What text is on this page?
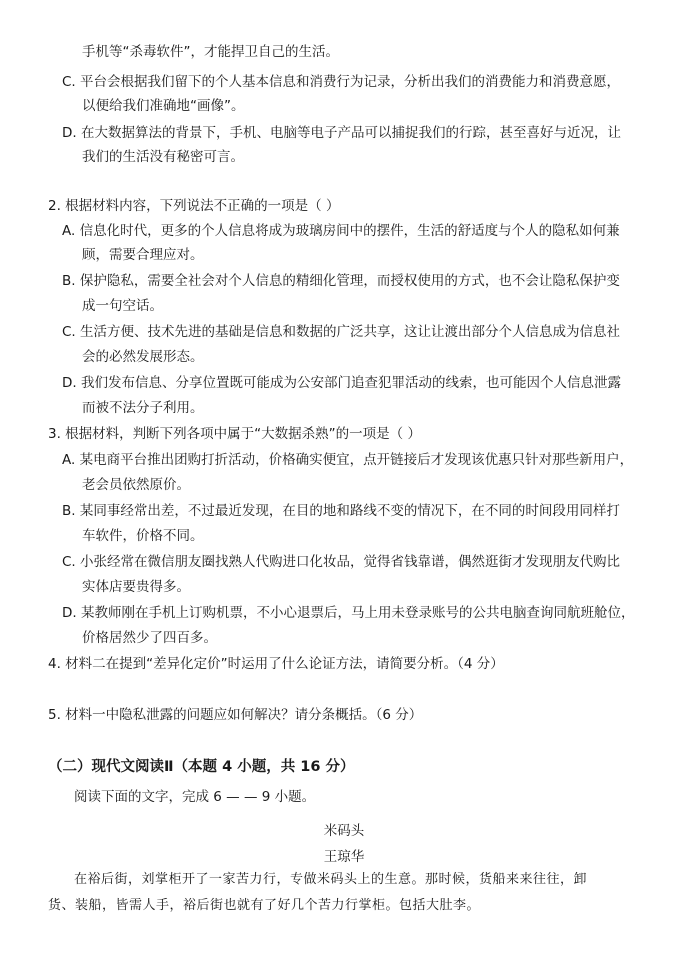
手机等“杀毒软件”，才能捍卫自己的生活。
C. 平台会根据我们留下的个人基本信息和消费行为记录，分析出我们的消费能力和消费意愿，
以便给我们准确地“画像”。
D. 在大数据算法的背景下，手机、电脑等电子产品可以捕捉我们的行踪，甚至喜好与近况，让
我们的生活没有秘密可言。
2. 根据材料内容，下列说法不正确的一项是（ ）
A. 信息化时代，更多的个人信息将成为玻璃房间中的摆件，生活的舒适度与个人的隐私如何兼
顾，需要合理应对。
B. 保护隐私，需要全社会对个人信息的精细化管理，而授权使用的方式，也不会让隐私保护变
成一句空话。
C. 生活方便、技术先进的基础是信息和数据的广泛共享，这让让渡出部分个人信息成为信息社
会的必然发展形态。
D. 我们发布信息、分享位置既可能成为公安部门追查犯罪活动的线索，也可能因个人信息泄露
而被不法分子利用。
3. 根据材料，判断下列各项中属于“大数据杀熟”的一项是（ ）
A. 某电商平台推出团购打折活动，价格确实便宜，点开链接后才发现该优惠只针对那些新用户，
老会员依然原价。
B. 某同事经常出差，不过最近发现，在目的地和路线不变的情况下，在不同的时间段用同样打
车软件，价格不同。
C. 小张经常在微信朋友圈找熟人代购进口化妆品，觉得省钱靠谱，偶然逛街才发现朋友代购比
实体店要贵得多。
D. 某教师刚在手机上订购机票，不小心退票后，马上用未登录账号的公共电脑查询同航班舱位，
价格居然少了四百多。
4. 材料二在提到“差异化定价”时运用了什么论证方法，请简要分析。（4 分）
5. 材料一中隐私泄露的问题应如何解决？请分条概括。（6 分）
（二）现代文阅读Ⅱ（本题 4 小题，共 16 分）
阅读下面的文字，完成 6 — — 9 小题。
米码头
王琼华
在裕后街，刘掌柜开了一家苦力行，专做米码头上的生意。那时候，货船来来往往，卸
货、装船，皆需人手，裕后街也就有了好几个苦力行掌柜。包括大肚李。
